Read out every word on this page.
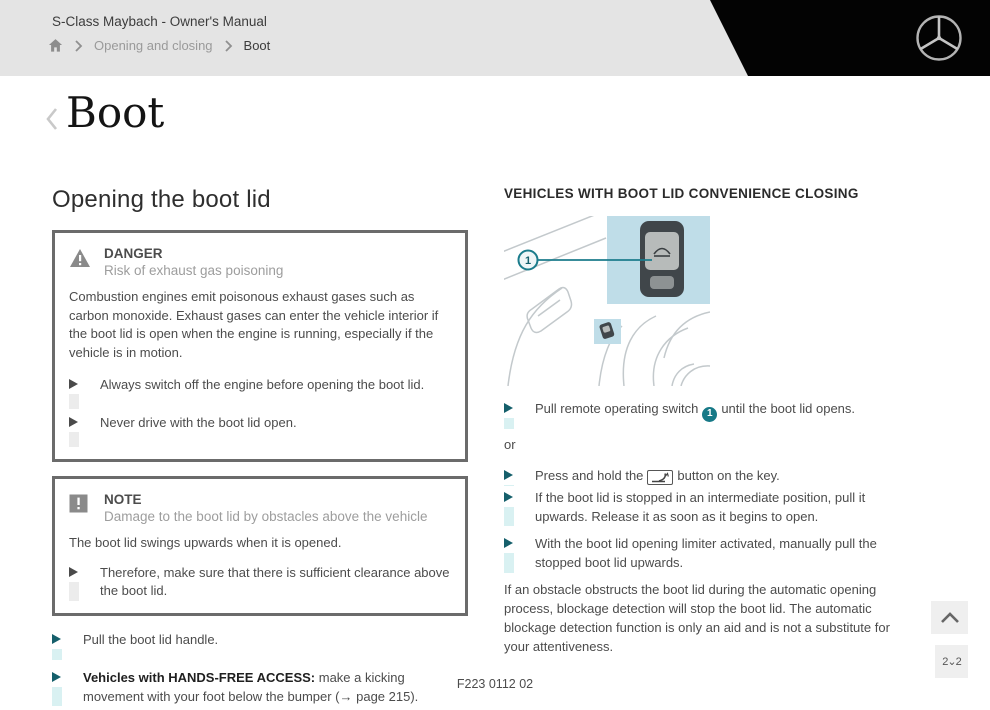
S-Class Maybach - Owner's Manual
Opening and closing Boot
Boot
Opening the boot lid
DANGER
Risk of exhaust gas poisoning
Combustion engines emit poisonous exhaust gases such as carbon monoxide. Exhaust gases can enter the vehicle interior if the boot lid is open when the engine is running, especially if the vehicle is in motion.
Always switch off the engine before opening the boot lid.
Never drive with the boot lid open.
NOTE
Damage to the boot lid by obstacles above the vehicle
The boot lid swings upwards when it is opened.
Therefore, make sure that there is sufficient clearance above the boot lid.
Pull the boot lid handle.
Vehicles with HANDS-FREE ACCESS: make a kicking movement with your foot below the bumper (→ page 215).
VEHICLES WITH BOOT LID CONVENIENCE CLOSING
1
Pull remote operating switch 1 until the boot lid opens.
or
Press and hold the	button on the key.
If the boot lid is stopped in an intermediate position, pull it upwards. Release it as soon as it begins to open.
With the boot lid opening limiter activated, manually pull the stopped boot lid upwards.
If an obstacle obstructs the boot lid during the automatic opening process, blockage detection will stop the boot lid. The automatic blockage detection function is only an aid and is not a substitute for your attentiveness.
2⌄2
F223 0112 02
